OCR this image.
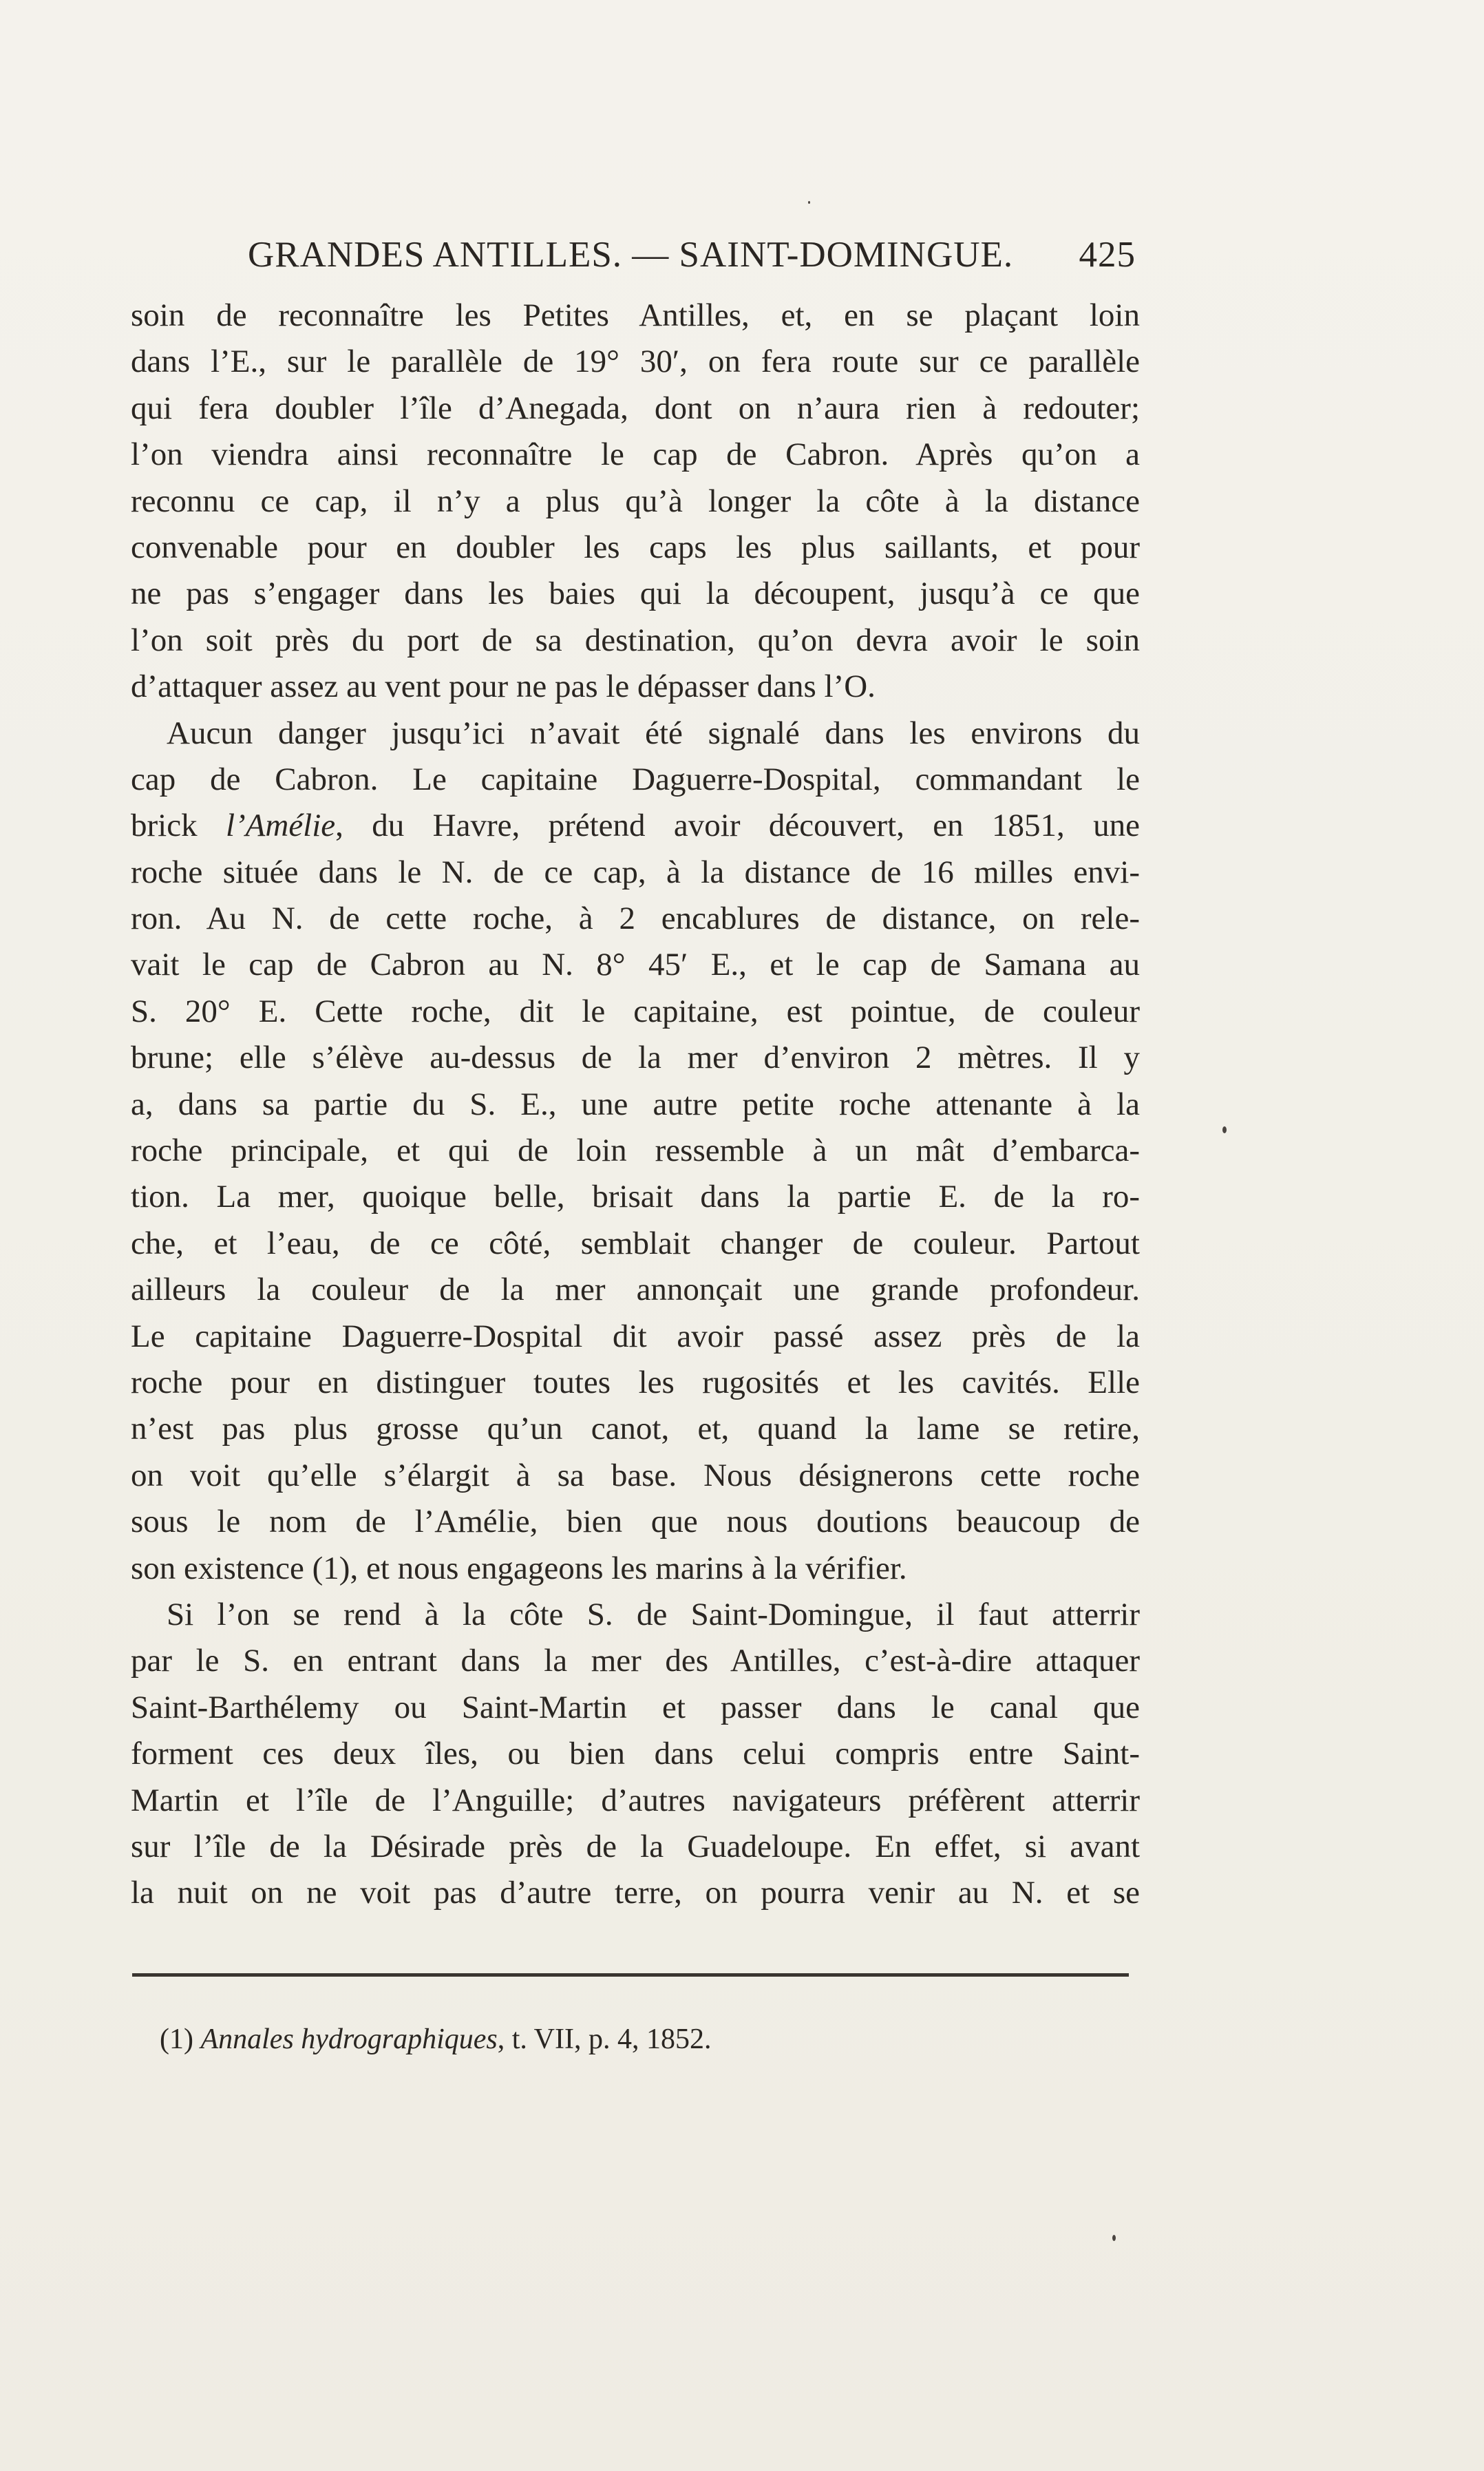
GRANDES ANTILLES. — SAINT-DOMINGUE. 425
soin de reconnaître les Petites Antilles, et, en se plaçant loin
dans l’E., sur le parallèle de 19° 30′, on fera route sur ce parallèle
qui fera doubler l’île d’Anegada, dont on n’aura rien à redouter;
l’on viendra ainsi reconnaître le cap de Cabron. Après qu’on a
reconnu ce cap, il n’y a plus qu’à longer la côte à la distance
convenable pour en doubler les caps les plus saillants, et pour
ne pas s’engager dans les baies qui la découpent, jusqu’à ce que
l’on soit près du port de sa destination, qu’on devra avoir le soin
d’attaquer assez au vent pour ne pas le dépasser dans l’O.
Aucun danger jusqu’ici n’avait été signalé dans les environs du
cap de Cabron. Le capitaine Daguerre-Dospital, commandant le
brick l’Amélie, du Havre, prétend avoir découvert, en 1851, une
roche située dans le N. de ce cap, à la distance de 16 milles envi-
ron. Au N. de cette roche, à 2 encablures de distance, on rele-
vait le cap de Cabron au N. 8° 45′ E., et le cap de Samana au
S. 20° E. Cette roche, dit le capitaine, est pointue, de couleur
brune; elle s’élève au-dessus de la mer d’environ 2 mètres. Il y
a, dans sa partie du S. E., une autre petite roche attenante à la
roche principale, et qui de loin ressemble à un mât d’embarca-
tion. La mer, quoique belle, brisait dans la partie E. de la ro-
che, et l’eau, de ce côté, semblait changer de couleur. Partout
ailleurs la couleur de la mer annonçait une grande profondeur.
Le capitaine Daguerre-Dospital dit avoir passé assez près de la
roche pour en distinguer toutes les rugosités et les cavités. Elle
n’est pas plus grosse qu’un canot, et, quand la lame se retire,
on voit qu’elle s’élargit à sa base. Nous désignerons cette roche
sous le nom de l’Amélie, bien que nous doutions beaucoup de
son existence (1), et nous engageons les marins à la vérifier.
Si l’on se rend à la côte S. de Saint-Domingue, il faut atterrir
par le S. en entrant dans la mer des Antilles, c’est-à-dire attaquer
Saint-Barthélemy ou Saint-Martin et passer dans le canal que
forment ces deux îles, ou bien dans celui compris entre Saint-
Martin et l’île de l’Anguille; d’autres navigateurs préfèrent atterrir
sur l’île de la Désirade près de la Guadeloupe. En effet, si avant
la nuit on ne voit pas d’autre terre, on pourra venir au N. et se
(1) Annales hydrographiques, t. VII, p. 4, 1852.
